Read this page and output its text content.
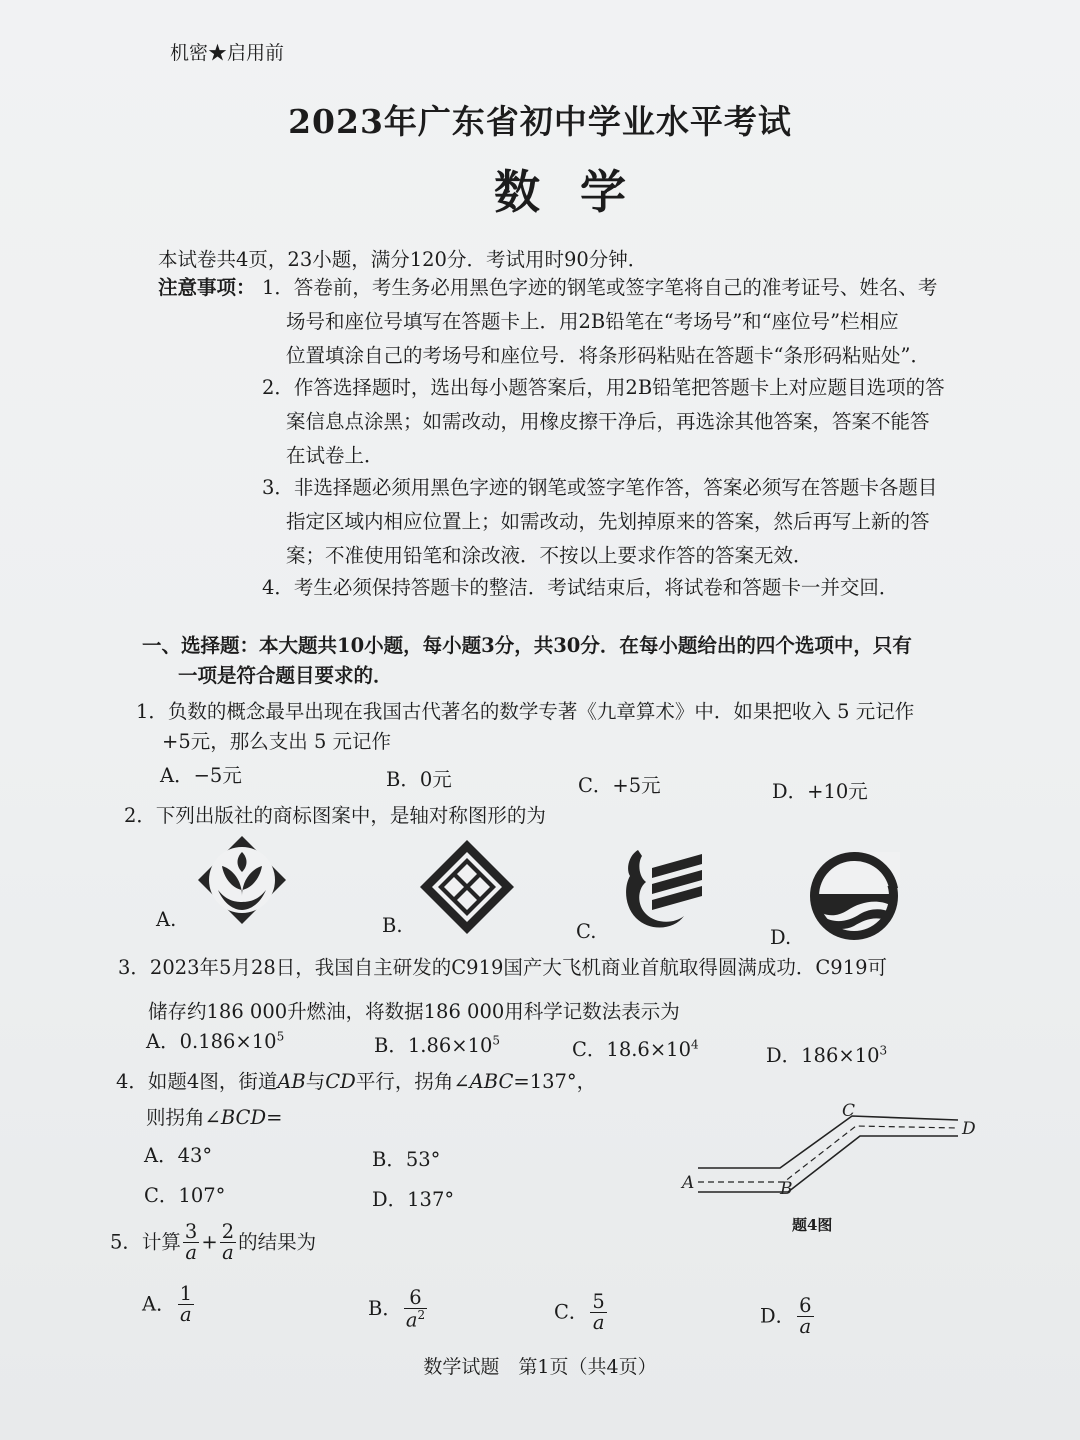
机密★启用前
2023年广东省初中学业水平考试
数学
本试卷共4页，23小题，满分120分．考试用时90分钟．
注意事项： 1．答卷前，考生务必用黑色字迹的钢笔或签字笔将自己的准考证号、姓名、考
场号和座位号填写在答题卡上．用2B铅笔在“考场号”和“座位号”栏相应
位置填涂自己的考场号和座位号．将条形码粘贴在答题卡“条形码粘贴处”．
2．作答选择题时，选出每小题答案后，用2B铅笔把答题卡上对应题目选项的答
案信息点涂黑；如需改动，用橡皮擦干净后，再选涂其他答案，答案不能答
在试卷上．
3．非选择题必须用黑色字迹的钢笔或签字笔作答，答案必须写在答题卡各题目
指定区域内相应位置上；如需改动，先划掉原来的答案，然后再写上新的答
案；不准使用铅笔和涂改液．不按以上要求作答的答案无效．
4．考生必须保持答题卡的整洁．考试结束后，将试卷和答题卡一并交回．
一、选择题：本大题共10小题，每小题3分，共30分．在每小题给出的四个选项中，只有
一项是符合题目要求的．
1．负数的概念最早出现在我国古代著名的数学专著《九章算术》中．如果把收入 5 元记作
+5元，那么支出 5 元记作
A．−5元	B．0元	C．+5元	D．+10元
2．下列出版社的商标图案中，是轴对称图形的为
A.	B.	C.	D.
3．2023年5月28日，我国自主研发的C919国产大飞机商业首航取得圆满成功．C919可
储存约186 000升燃油，将数据186 000用科学记数法表示为
A．$0.186\times 10^5$	B．$1.86\times 10^5$	C．$18.6\times 10^4$	D．$186\times 10^3$
4．如题4图，街道AB与CD平行，拐角∠ABC=137°，
则拐角∠BCD=
A．43°	B．53°
C．107°	D．137°
A	B
C
D
题4图
5．计算 $\frac{3}{a} + \frac{2}{a}$ 的结果为
A． $\frac{1}{a}$	B． $\frac{6}{a^2}$	C． $\frac{5}{a}$	D． $\frac{6}{a}$
数学试题　第1页（共4页）
